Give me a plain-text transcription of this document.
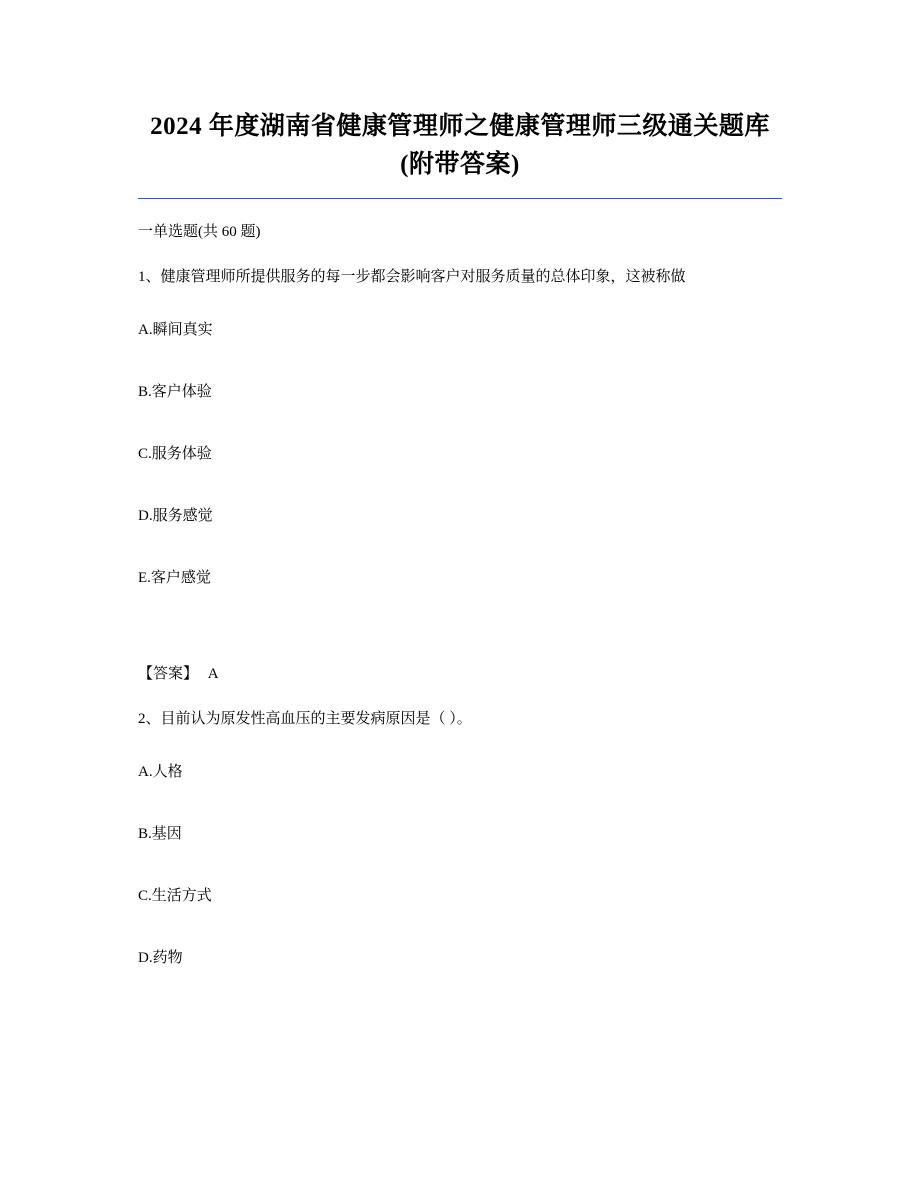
2024 年度湖南省健康管理师之健康管理师三级通关题库(附带答案)

一单选题(共 60 题)

1、健康管理师所提供服务的每一步都会影响客户对服务质量的总体印象，这被称做

A.瞬间真实

B.客户体验

C.服务体验

D.服务感觉

E.客户感觉

【答案】 A

2、目前认为原发性高血压的主要发病原因是（ ）。

A.人格

B.基因

C.生活方式

D.药物
